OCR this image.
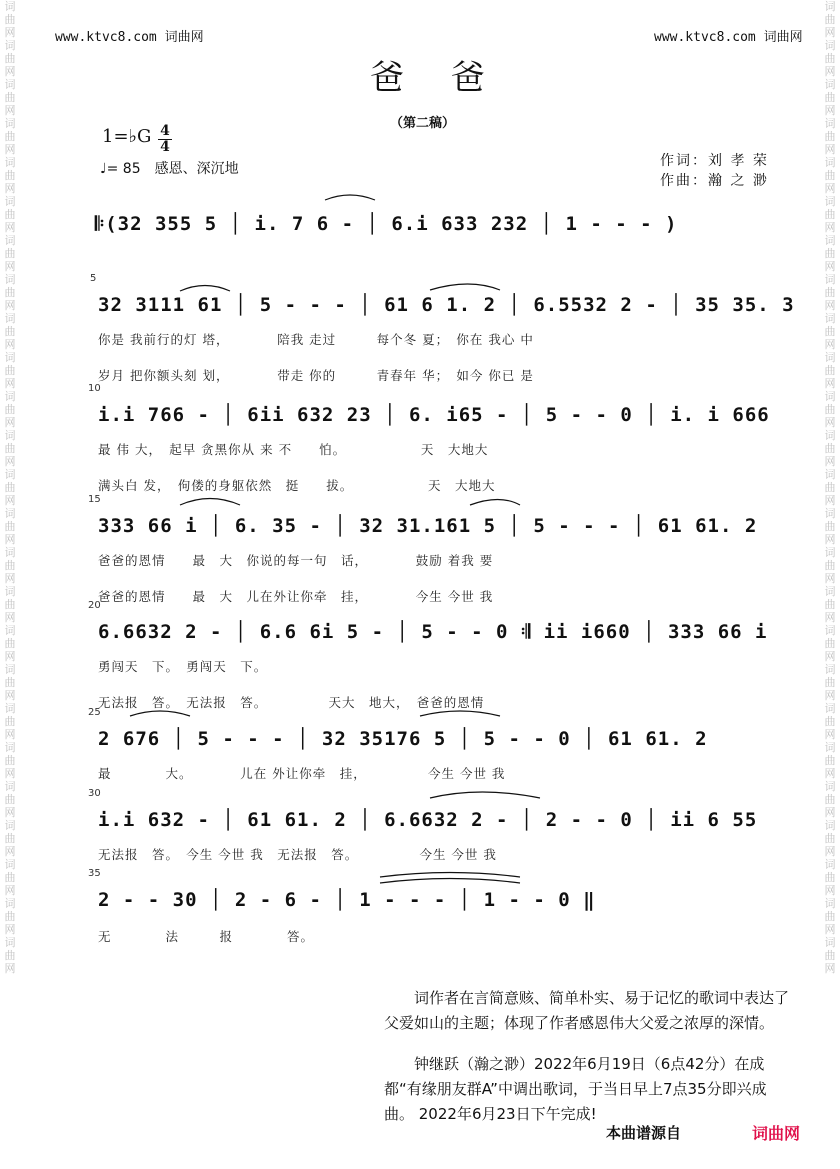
词曲网词曲网词曲网词曲网词曲网词曲网词曲网词曲网词曲网词曲网词曲网词曲网词曲网词曲网词曲网词曲网词曲网词曲网词曲网词曲网词曲网词曲网词曲网词曲网词曲网
词曲网词曲网词曲网词曲网词曲网词曲网词曲网词曲网词曲网词曲网词曲网词曲网词曲网词曲网词曲网词曲网词曲网词曲网词曲网词曲网词曲网词曲网词曲网词曲网词曲网
www.ktvc8.com 词曲网	www.ktvc8.com 词曲网
爸 爸
（第二稿）
1=♭G 4
4
♩= 85　感恩、深沉地	作词：刘 孝 荣
作曲：瀚 之 渺
𝄆(32 355 5 │ i. 7 6 - │ 6.i 633 232 │ 1 - - - )
5
32 3111 61 │ 5 - - - │ 61 6 1. 2 │ 6.5532 2 - │ 35 35. 3
你是 我前行的灯 塔，　　　　陪我 走过　　　每个冬 夏；　你在 我心 中
岁月 把你额头刻 划，　　　　带走 你的　　　青春年 华；　如今 你已 是
10
i.i 766 - │ 6ii 632 23 │ 6. i65 - │ 5 - - 0 │ i. i 666
最 伟 大，　起早 贪黑你从 来 不　　怕。　　　　　　天　大地大
满头白 发，　佝偻的身躯依然　挺　　拔。　　　　　　天　大地大
15
333 66 i │ 6. 35 - │ 32 31.161 5 │ 5 - - - │ 61 61. 2
爸爸的恩情　　最　大　你说的每一句　话，　　　　鼓励 着我 要
爸爸的恩情　　最　大　儿在外让你牵　挂，　　　　今生 今世 我
20
6.6632 2 - │ 6.6 6i 5 - │ 5 - - 0 𝄇 ii i660 │ 333 66 i
勇闯天　下。　勇闯天　下。
无法报　答。　无法报　答。　　　　　天大　地大，　爸爸的恩情
25
2 676 │ 5 - - - │ 32 35176 5 │ 5 - - 0 │ 61 61. 2
最　　　　大。　　　　儿在 外让你牵　挂，　　　　　今生 今世 我
30
i.i 632 - │ 61 61. 2 │ 6.6632 2 - │ 2 - - 0 │ ii 6 55
无法报　答。　今生 今世 我　无法报　答。　　　　　今生 今世 我
35
2 - - 30 │ 2 - 6 - │ 1 - - - │ 1 - - 0 ‖
无　　　　法　　　报　　　　答。
词作者在言简意赅、简单朴实、易于记忆的歌词中表达了父爱如山的主题；体现了作者感恩伟大父爱之浓厚的深情。
钟继跃（瀚之渺）2022年6月19日（6点42分）在成都“有缘朋友群A”中调出歌词，于当日早上7点35分即兴成曲。 2022年6月23日下午完成!
本曲谱源自	词曲网
